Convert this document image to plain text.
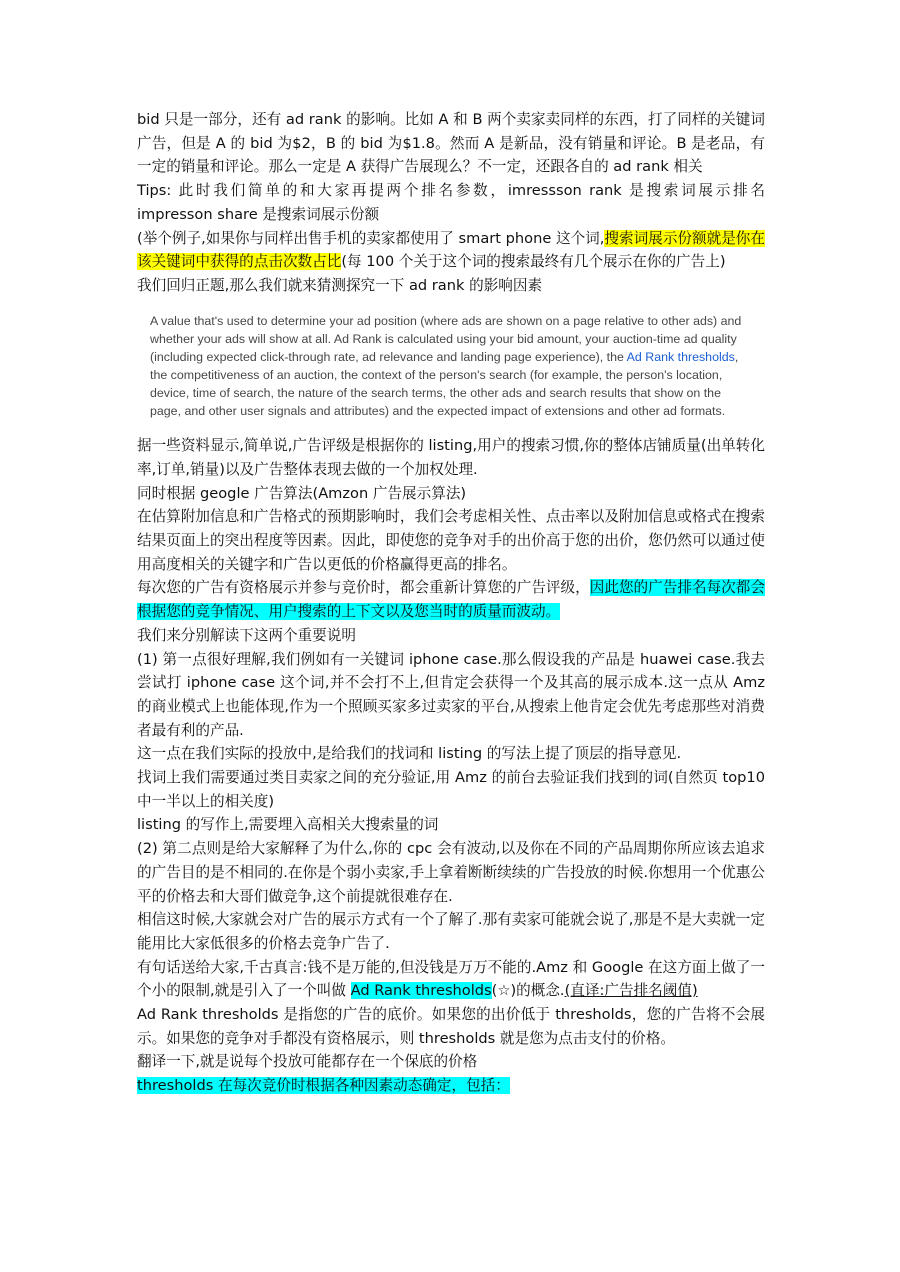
bid 只是一部分，还有 ad rank 的影响。比如 A 和 B 两个卖家卖同样的东西，打了同样的关键词广告，但是 A 的 bid 为$2，B 的 bid 为$1.8。然而 A 是新品，没有销量和评论。B 是老品，有一定的销量和评论。那么一定是 A 获得广告展现么？不一定，还跟各自的 ad rank 相关

Tips: 此时我们简单的和大家再提两个排名参数，imressson rank 是搜索词展示排名 impresson share 是搜索词展示份额

(举个例子,如果你与同样出售手机的卖家都使用了 smart phone 这个词,搜索词展示份额就是你在该关键词中获得的点击次数占比(每 100 个关于这个词的搜索最终有几个展示在你的广告上)

我们回归正题,那么我们就来猜测探究一下 ad rank 的影响因素

A value that's used to determine your ad position (where ads are shown on a page relative to other ads) and whether your ads will show at all. Ad Rank is calculated using your bid amount, your auction-time ad quality (including expected click-through rate, ad relevance and landing page experience), the Ad Rank thresholds, the competitiveness of an auction, the context of the person's search (for example, the person's location, device, time of search, the nature of the search terms, the other ads and search results that show on the page, and other user signals and attributes) and the expected impact of extensions and other ad formats.

据一些资料显示,简单说,广告评级是根据你的 listing,用户的搜索习惯,你的整体店铺质量(出单转化率,订单,销量)以及广告整体表现去做的一个加权处理.

同时根据 geogle 广告算法(Amzon 广告展示算法)

在估算附加信息和广告格式的预期影响时，我们会考虑相关性、点击率以及附加信息或格式在搜索结果页面上的突出程度等因素。因此，即使您的竞争对手的出价高于您的出价，您仍然可以通过使用高度相关的关键字和广告以更低的价格赢得更高的排名。

每次您的广告有资格展示并参与竞价时，都会重新计算您的广告评级，因此您的广告排名每次都会根据您的竞争情况、用户搜索的上下文以及您当时的质量而波动。

我们来分别解读下这两个重要说明

(1) 第一点很好理解,我们例如有一关键词 iphone case.那么假设我的产品是 huawei case.我去尝试打 iphone case 这个词,并不会打不上,但肯定会获得一个及其高的展示成本.这一点从 Amz 的商业模式上也能体现,作为一个照顾买家多过卖家的平台,从搜索上他肯定会优先考虑那些对消费者最有利的产品.

这一点在我们实际的投放中,是给我们的找词和 listing 的写法上提了顶层的指导意见.

找词上我们需要通过类目卖家之间的充分验证,用 Amz 的前台去验证我们找到的词(自然页 top10 中一半以上的相关度)

listing 的写作上,需要埋入高相关大搜索量的词

(2) 第二点则是给大家解释了为什么,你的 cpc 会有波动,以及你在不同的产品周期你所应该去追求的广告目的是不相同的.在你是个弱小卖家,手上拿着断断续续的广告投放的时候.你想用一个优惠公平的价格去和大哥们做竞争,这个前提就很难存在.

相信这时候,大家就会对广告的展示方式有一个了解了.那有卖家可能就会说了,那是不是大卖就一定能用比大家低很多的价格去竞争广告了.

有句话送给大家,千古真言:钱不是万能的,但没钱是万万不能的.Amz 和 Google 在这方面上做了一个小的限制,就是引入了一个叫做 Ad Rank thresholds(☆)的概念.(直译:广告排名阈值)

Ad Rank thresholds 是指您的广告的底价。如果您的出价低于 thresholds，您的广告将不会展示。如果您的竞争对手都没有资格展示，则 thresholds 就是您为点击支付的价格。

翻译一下,就是说每个投放可能都存在一个保底的价格

thresholds 在每次竞价时根据各种因素动态确定，包括：
